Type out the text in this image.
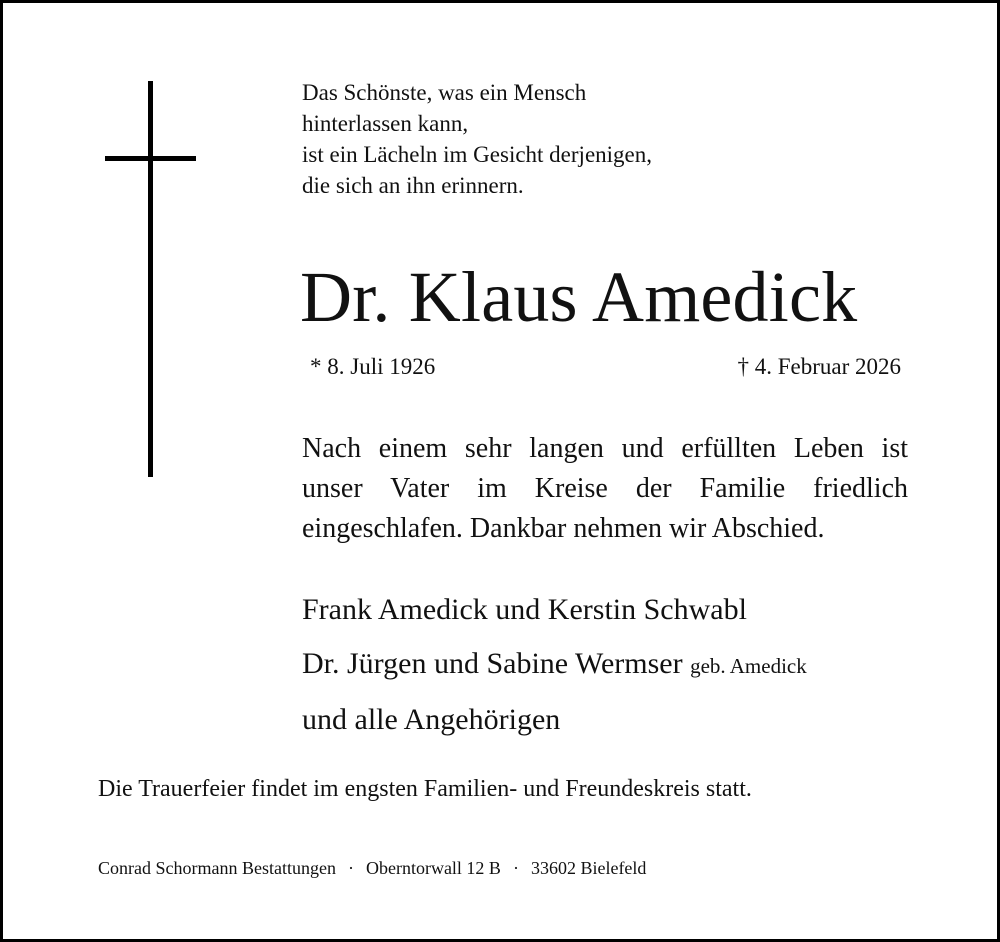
Das Schönste, was ein Mensch
hinterlassen kann,
ist ein Lächeln im Gesicht derjenigen,
die sich an ihn erinnern.
Dr. Klaus Amedick
* 8. Juli 1926	† 4. Februar 2026
Nach einem sehr langen und erfüllten Leben ist
unser Vater im Kreise der Familie friedlich
eingeschlafen. Dankbar nehmen wir Abschied.
Frank Amedick und Kerstin Schwabl
Dr. Jürgen und Sabine Wermser geb. Amedick
und alle Angehörigen
Die Trauerfeier findet im engsten Familien- und Freundeskreis statt.
Conrad Schormann Bestattungen · Oberntorwall 12 B · 33602 Bielefeld
